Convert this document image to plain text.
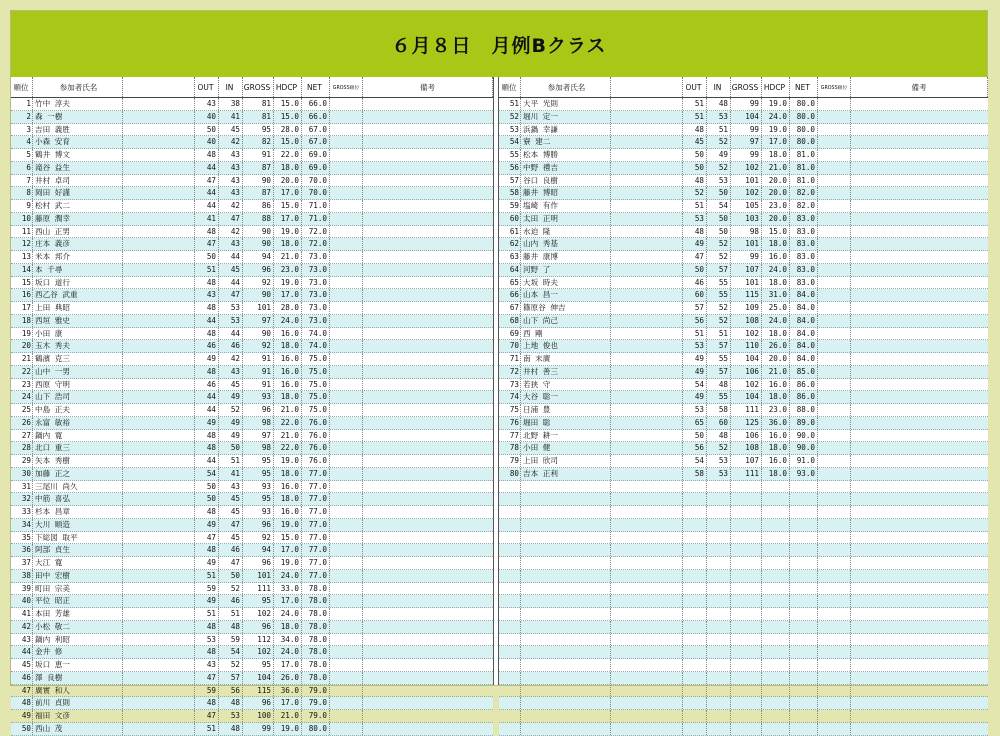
６月８日　月例Bクラス
順位	参加者氏名	OUT	IN	GROSS HDCP	NET	GROSS順位	備考
1 竹中 淳夫	43	38	81	15.0	66.0
2 森 一樹	40	41	81	15.0	66.0
3 吉田 義胜	50	45	95	28.0	67.0
4 小森 安育	40	42	82	15.0	67.0
5 鶴井 博文	48	43	91	22.0	69.0
6 滝谷 益生	44	43	87	18.0	69.0
7 井村 卓司	47	43	90	20.0	70.0
8 岡田 好謹	44	43	87	17.0	70.0
9 松村 武二	44	42	86	15.0	71.0
10 藤原 潤幸	41	47	88	17.0	71.0
11 西山 正男	48	42	90	19.0	72.0
12 庄本 義彦	47	43	90	18.0	72.0
13 米本 邦介	50	44	94	21.0	73.0
14 本 千尋	51	45	96	23.0	73.0
15 坂口 道行	48	44	92	19.0	73.0
16 西乙谷 武重	43	47	90	17.0	73.0
17 上田 典昭	48	53	101	28.0	73.0
18 西垣 雅史	44	53	97	24.0	73.0
19 小田 康	48	44	90	16.0	74.0
20 玉木 秀夫	46	46	92	18.0	74.0
21 鶴濱 克三	49	42	91	16.0	75.0
22 山中 一男	48	43	91	16.0	75.0
23 西原 守明	46	45	91	16.0	75.0
24 山下 浩司	44	49	93	18.0	75.0
25 中島 正夫	44	52	96	21.0	75.0
26 永富 敏裕	49	49	98	22.0	76.0
27 鍋内 寛	48	49	97	21.0	76.0
28 北口 重三	48	50	98	22.0	76.0
29 矢本 秀樹	44	51	95	19.0	76.0
30 加藤 正之	54	41	95	18.0	77.0
31 三尾川 尚久	50	43	93	16.0	77.0
32 中筋 喜弘	50	45	95	18.0	77.0
33 杉本 昌章	48	45	93	16.0	77.0
34 大川 順造	49	47	96	19.0	77.0
35 下総図 取平	47	45	92	15.0	77.0
36 阿部 貞生	48	46	94	17.0	77.0
37 大江 寛	49	47	96	19.0	77.0
38 田中 宏樹	51	50	101	24.0	77.0
39 町田 宗美	59	52	111	33.0	78.0
40 平位 昭正	49	46	95	17.0	78.0
41 本田 芳雄	51	51	102	24.0	78.0
42 小松 敬二	48	48	96	18.0	78.0
43 鍋内 利昭	53	59	112	34.0	78.0
44 金井 修	48	54	102	24.0	78.0
45 坂口 恵一	43	52	95	17.0	78.0
46 澤 良樹	47	57	104	26.0	78.0
47 廣實 和人	59	56	115	36.0	79.0
48 前川 貞則	48	48	96	17.0	79.0
49 福田 文彦	47	53	100	21.0	79.0
50 西山 茂	51	48	99	19.0	80.0
順位	参加者氏名	OUT	IN	GROSS HDCP	NET	GROSS順位	備考
51 大平 光則	51	48	99	19.0	80.0
52 堀川 定一	51	53	104	24.0	80.0
53 浜鍋 幸謙	48	51	99	19.0	80.0
54 寮 建二	45	52	97	17.0	80.0
55 松本 博勝	50	49	99	18.0	81.0
56 中野 禮吉	50	52	102	21.0	81.0
57 谷口 良樹	48	53	101	20.0	81.0
58 藤井 博昭	52	50	102	20.0	82.0
59 塩崎 有作	51	54	105	23.0	82.0
60 太田 正明	53	50	103	20.0	83.0
61 水迫 隆	48	50	98	15.0	83.0
62 山内 秀基	49	52	101	18.0	83.0
63 藤井 康博	47	52	99	16.0	83.0
64 河野 了	50	57	107	24.0	83.0
65 大坂 時夫	46	55	101	18.0	83.0
66 山本 昌一	60	55	115	31.0	84.0
67 篠原谷 伸吉	57	52	109	25.0	84.0
68 山下 尚己	56	52	108	24.0	84.0
69 西 剛	51	51	102	18.0	84.0
70 上地 俊也	53	57	110	26.0	84.0
71 南 末廣	49	55	104	20.0	84.0
72 井村 善三	49	57	106	21.0	85.0
73 若狭 守	54	48	102	16.0	86.0
74 大谷 聡一	49	55	104	18.0	86.0
75 日浦 豊	53	58	111	23.0	88.0
76 堀田 聡	65	60	125	36.0	89.0
77 北野 耕一	50	48	106	16.0	90.0
78 小田 健	56	52	108	18.0	90.0
79 上田 欣司	54	53	107	16.0	91.0
80 吉本 正利	58	53	111	18.0	93.0
